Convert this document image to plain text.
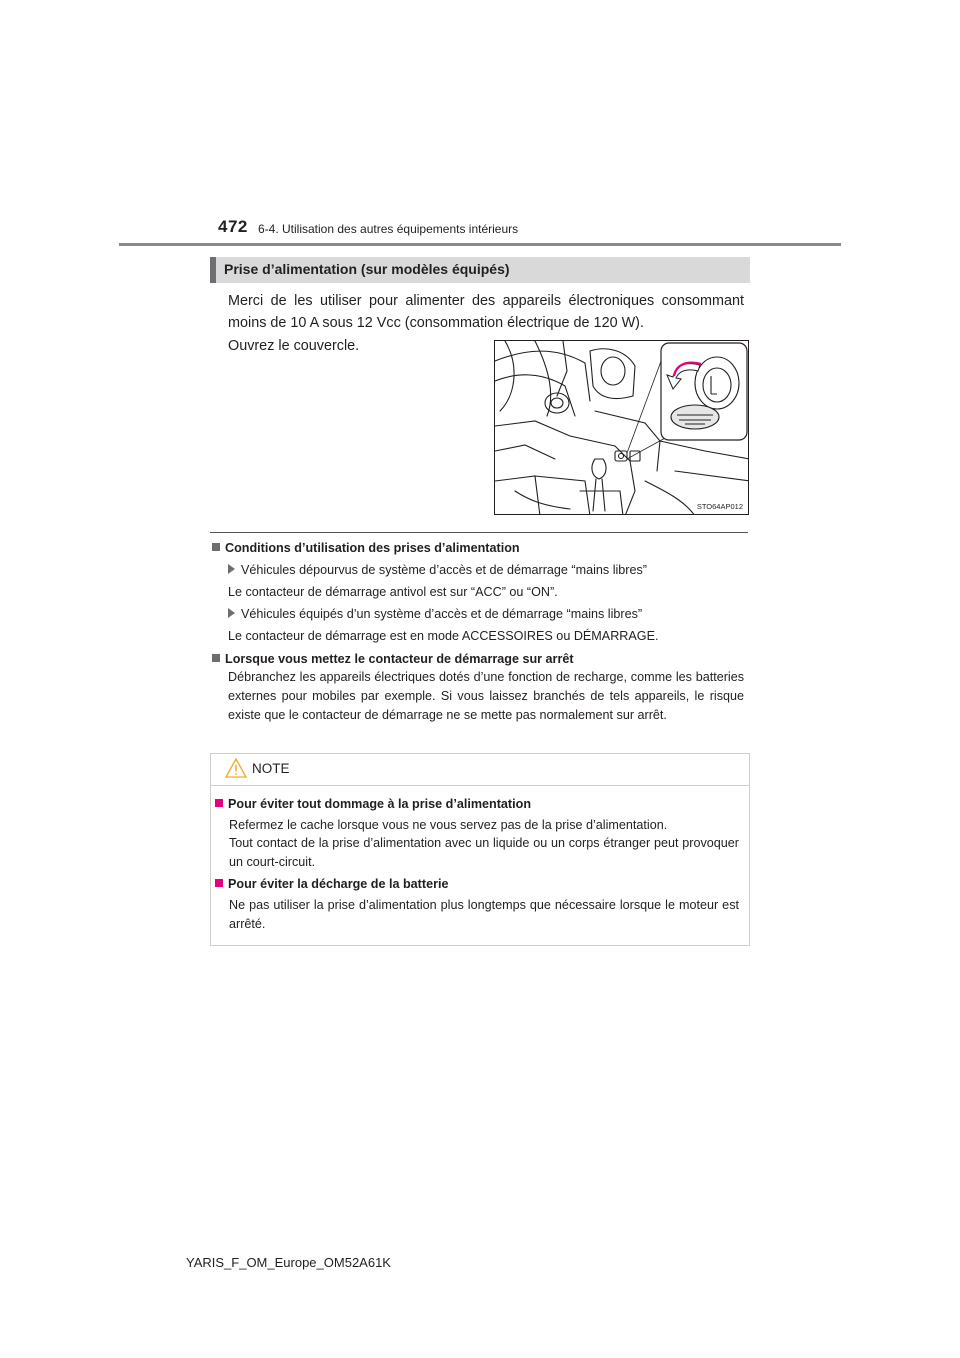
472 6-4. Utilisation des autres équipements intérieurs
Prise d’alimentation (sur modèles équipés)
Merci de les utiliser pour alimenter des appareils électroniques consommant moins de 10 A sous 12 Vcc (consommation électrique de 120 W).
Ouvrez le couvercle.
STO64AP012
Conditions d’utilisation des prises d’alimentation
Véhicules dépourvus de système d’accès et de démarrage “mains libres”
Le contacteur de démarrage antivol est sur “ACC” ou “ON”.
Véhicules équipés d’un système d’accès et de démarrage “mains libres”
Le contacteur de démarrage est en mode ACCESSOIRES ou DÉMARRAGE.
Lorsque vous mettez le contacteur de démarrage sur arrêt
Débranchez les appareils électriques dotés d’une fonction de recharge, comme les batteries externes pour mobiles par exemple. Si vous laissez branchés de tels appareils, le risque existe que le contacteur de démarrage ne se mette pas normalement sur arrêt.
NOTE
Pour éviter tout dommage à la prise d’alimentation
Refermez le cache lorsque vous ne vous servez pas de la prise d’alimentation.
Tout contact de la prise d’alimentation avec un liquide ou un corps étranger peut provoquer un court-circuit.
Pour éviter la décharge de la batterie
Ne pas utiliser la prise d’alimentation plus longtemps que nécessaire lorsque le moteur est arrêté.
YARIS_F_OM_Europe_OM52A61K
